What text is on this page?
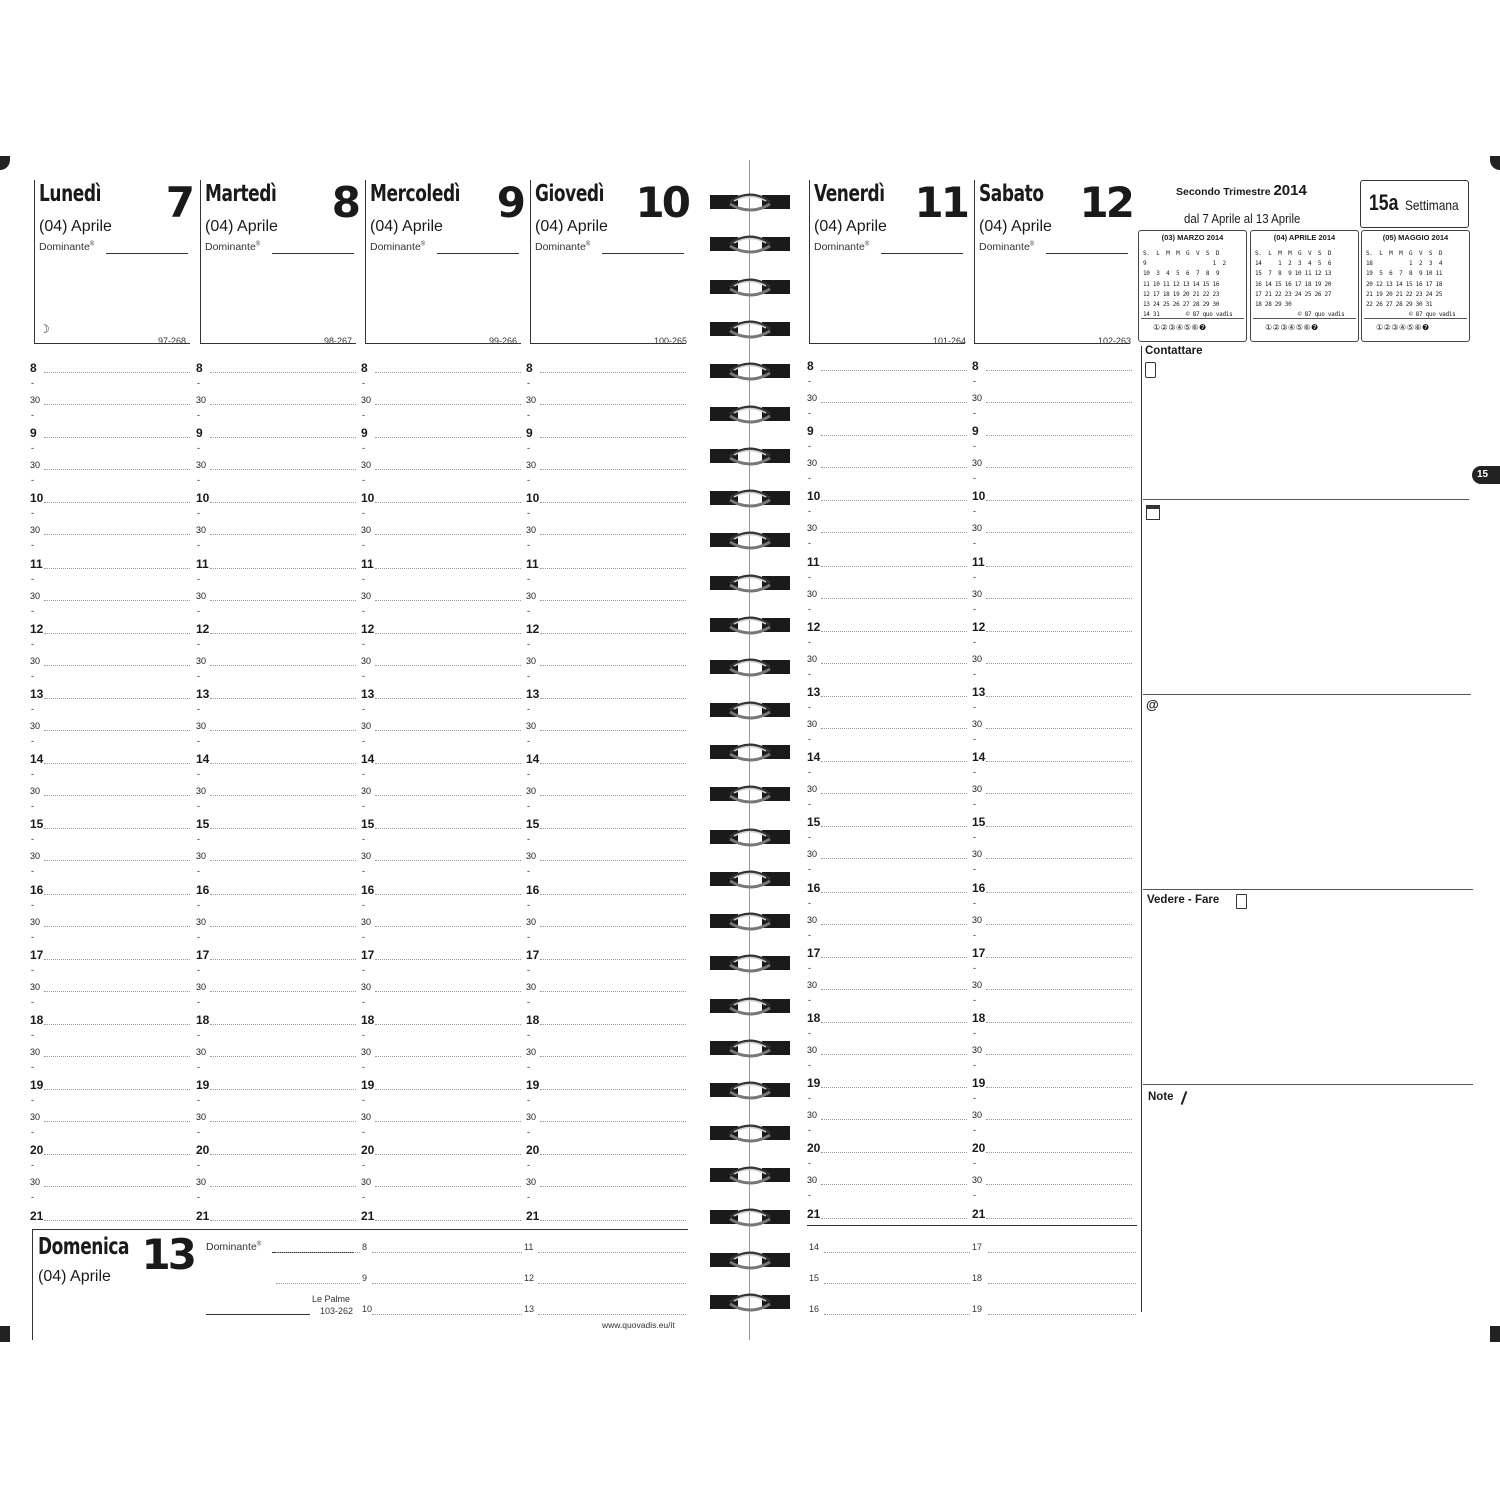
Lunedì	7
(04) Aprile
Dominante®
97-268
☽
8
-
30
-
9
-
30
-
10
-
30
-
11
-
30
-
12
-
30
-
13
-
30
-
14
-
30
-
15
-
30
-
16
-
30
-
17
-
30
-
18
-
30
-
19
-
30
-
20
-
30
-
21
Martedì	8
(04) Aprile
Dominante®
98-267
8
-
30
-
9
-
30
-
10
-
30
-
11
-
30
-
12
-
30
-
13
-
30
-
14
-
30
-
15
-
30
-
16
-
30
-
17
-
30
-
18
-
30
-
19
-
30
-
20
-
30
-
21
Mercoledì 9
(04) Aprile
Dominante®
99-266
8
-
30
-
9
-
30
-
10
-
30
-
11
-
30
-
12
-
30
-
13
-
30
-
14
-
30
-
15
-
30
-
16
-
30
-
17
-
30
-
18
-
30
-
19
-
30
-
20
-
30
-
21
Giovedì 10
(04) Aprile
Dominante®
100-265
8
-
30
-
9
-
30
-
10
-
30
-
11
-
30
-
12
-
30
-
13
-
30
-
14
-
30
-
15
-
30
-
16
-
30
-
17
-
30
-
18
-
30
-
19
-
30
-
20
-
30
-
21
Venerdì 11
(04) Aprile
Dominante®
101-264
8
-
30
-
9
-
30
-
10
-
30
-
11
-
30
-
12
-
30
-
13
-
30
-
14
-
30
-
15
-
30
-
16
-
30
-
17
-
30
-
18
-
30
-
19
-
30
-
20
-
30
-
21
Sabato 12
(04) Aprile
Dominante®
102-263
8
-
30
-
9
-
30
-
10
-
30
-
11
-
30
-
12
-
30
-
13
-
30
-
14
-
30
-
15
-
30
-
16
-
30
-
17
-
30
-
18
-
30
-
19
-
30
-
20
-
30
-
21
Domenica 13
(04) Aprile
Dominante®
Le Palme
103-262
8	11
9	12
10	13
14	17
15	18
16	19
www.quovadis.eu/it
Secondo Trimestre 2014
dal 7 Aprile al 13 Aprile
15a Settimana
15
(03) MARZO 2014
S.  L  M  M  G  V  S  D
9                    1  2
10  3  4  5  6  7  8  9
11 10 11 12 13 14 15 16
12 17 18 19 20 21 22 23
13 24 25 26 27 28 29 30
14 31        © 87 quo vadis
①②③④⑤⑥❼
(04) APRILE 2014
S.  L  M  M  G  V  S  D
14     1  2  3  4  5  6
15  7  8  9 10 11 12 13
16 14 15 16 17 18 19 20
17 21 22 23 24 25 26 27
18 28 29 30
© 87 quo vadis
①②③④⑤⑥❼
(05) MAGGIO 2014
S.  L  M  M  G  V  S  D
18           1  2  3  4
19  5  6  7  8  9 10 11
20 12 13 14 15 16 17 18
21 19 20 21 22 23 24 25
22 26 27 28 29 30 31
© 87 quo vadis
①②③④⑤⑥❼
Contattare
@
Vedere - Fare
Note
